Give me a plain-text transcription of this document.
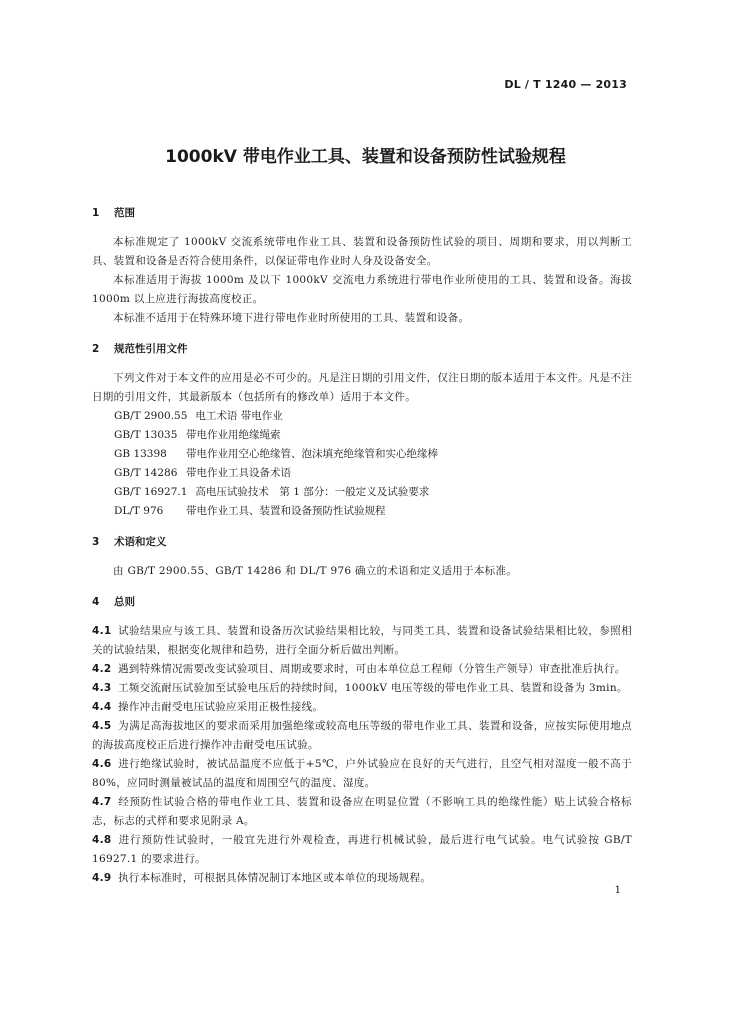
DL / T 1240 — 2013
1000kV 带电作业工具、装置和设备预防性试验规程

1 范围

本标准规定了 1000kV 交流系统带电作业工具、装置和设备预防性试验的项目、周期和要求，用以判断工具、装置和设备是否符合使用条件，以保证带电作业时人身及设备安全。

本标准适用于海拔 1000m 及以下 1000kV 交流电力系统进行带电作业所使用的工具、装置和设备。海拔 1000m 以上应进行海拔高度校正。

本标准不适用于在特殊环境下进行带电作业时所使用的工具、装置和设备。

2 规范性引用文件

下列文件对于本文件的应用是必不可少的。凡是注日期的引用文件，仅注日期的版本适用于本文件。凡是不注日期的引用文件，其最新版本（包括所有的修改单）适用于本文件。

GB/T 2900.55 电工术语 带电作业

GB/T 13035 带电作业用绝缘绳索

GB 13398 带电作业用空心绝缘管、泡沫填充绝缘管和实心绝缘棒

GB/T 14286 带电作业工具设备术语

GB/T 16927.1 高电压试验技术　第 1 部分：一般定义及试验要求

DL/T 976 带电作业工具、装置和设备预防性试验规程

3 术语和定义

由 GB/T 2900.55、GB/T 14286 和 DL/T 976 确立的术语和定义适用于本标准。

4 总则

4.1 试验结果应与该工具、装置和设备历次试验结果相比较，与同类工具、装置和设备试验结果相比较，参照相关的试验结果，根据变化规律和趋势，进行全面分析后做出判断。

4.2 遇到特殊情况需要改变试验项目、周期或要求时，可由本单位总工程师（分管生产领导）审查批准后执行。

4.3 工频交流耐压试验加至试验电压后的持续时间，1000kV 电压等级的带电作业工具、装置和设备为 3min。

4.4 操作冲击耐受电压试验应采用正极性接线。

4.5 为满足高海拔地区的要求而采用加强绝缘或较高电压等级的带电作业工具、装置和设备，应按实际使用地点的海拔高度校正后进行操作冲击耐受电压试验。

4.6 进行绝缘试验时，被试品温度不应低于+5℃，户外试验应在良好的天气进行，且空气相对湿度一般不高于 80%，应同时测量被试品的温度和周围空气的温度、湿度。

4.7 经预防性试验合格的带电作业工具、装置和设备应在明显位置（不影响工具的绝缘性能）贴上试验合格标志，标志的式样和要求见附录 A。

4.8 进行预防性试验时，一般宜先进行外观检查，再进行机械试验，最后进行电气试验。电气试验按 GB/T 16927.1 的要求进行。

4.9 执行本标准时，可根据具体情况制订本地区或本单位的现场规程。

1
